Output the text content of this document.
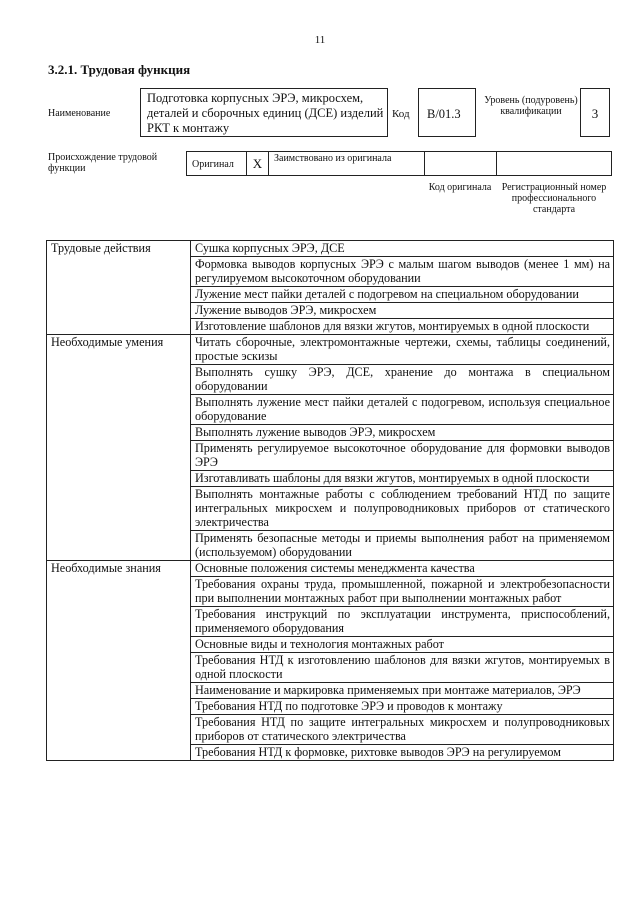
11
3.2.1. Трудовая функция
Наименование
Подготовка корпусных ЭРЭ, микросхем, деталей и сборочных единиц (ДСЕ) изделий РКТ к монтажу
Код	B/01.3
Уровень (подуровень) квалификации	3
Происхождение трудовой функции	Оригинал	X	Заимствовано из оригинала
Код оригинала	Регистрационный номер профессионального стандарта
Трудовые действия	Сушка корпусных ЭРЭ, ДСЕ
	Формовка выводов корпусных ЭРЭ с малым шагом выводов (менее 1 мм) на регулируемом высокоточном оборудовании
	Лужение мест пайки деталей с подогревом на специальном оборудовании
	Лужение выводов ЭРЭ, микросхем
	Изготовление шаблонов для вязки жгутов, монтируемых в одной плоскости
Необходимые умения	Читать сборочные, электромонтажные чертежи, схемы, таблицы соединений, простые эскизы
	Выполнять сушку ЭРЭ, ДСЕ, хранение до монтажа в специальном оборудовании
	Выполнять лужение мест пайки деталей с подогревом, используя специальное оборудование
	Выполнять лужение выводов ЭРЭ, микросхем
	Применять регулируемое высокоточное оборудование для формовки выводов ЭРЭ
	Изготавливать шаблоны для вязки жгутов, монтируемых в одной плоскости
	Выполнять монтажные работы с соблюдением требований НТД по защите интегральных микросхем и полупроводниковых приборов от статического электричества
	Применять безопасные методы и приемы выполнения работ на применяемом (используемом) оборудовании
Необходимые знания	Основные положения системы менеджмента качества
	Требования охраны труда, промышленной, пожарной и электробезопасности при выполнении монтажных работ при выполнении монтажных работ
	Требования инструкций по эксплуатации инструмента, приспособлений, применяемого оборудования
	Основные виды и технология монтажных работ
	Требования НТД к изготовлению шаблонов для вязки жгутов, монтируемых в одной плоскости
	Наименование и маркировка применяемых при монтаже материалов, ЭРЭ
	Требования НТД по подготовке ЭРЭ и проводов к монтажу
	Требования НТД по защите интегральных микросхем и полупроводниковых приборов от статического электричества
	Требования НТД к формовке, рихтовке выводов ЭРЭ на регулируемом
